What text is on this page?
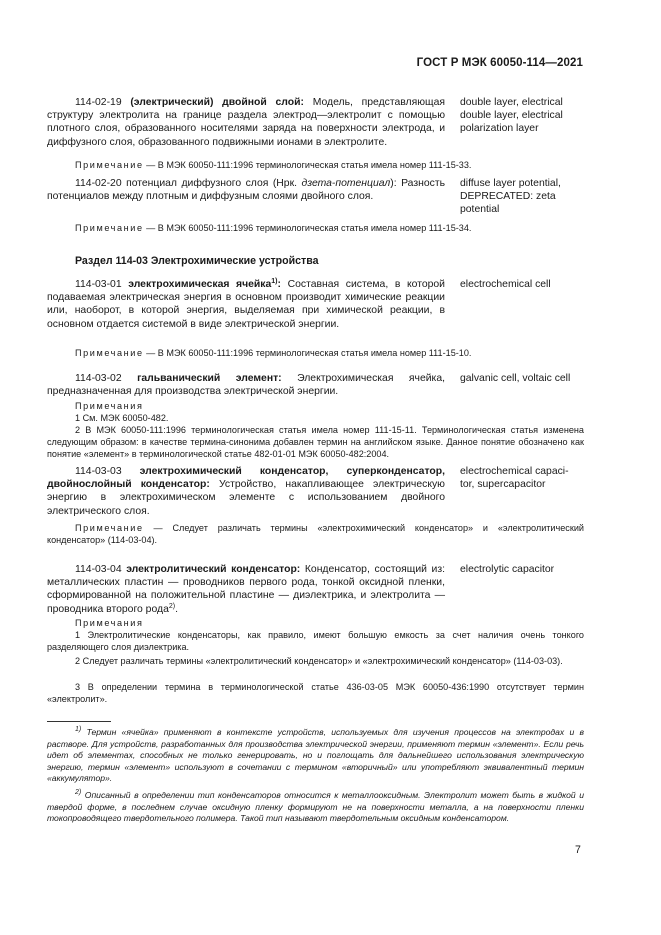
ГОСТ Р МЭК 60050-114—2021
114-02-19 (электрический) двойной слой: Модель, представляющая структуру электролита на границе раздела электрод—электролит с помощью плотного слоя, образованного носителями заряда на поверхности электрода, и диффузного слоя, образованного подвижными ионами в электролите.
double layer, electrical
double layer, electrical
polarization layer
Примечание — В МЭК 60050-111:1996 терминологическая статья имела номер 111-15-33.
114-02-20 потенциал диффузного слоя (Нрк. дзета-потенциал): Разность потенциалов между плотным и диффузным слоями двойного слоя.
diffuse layer potential,
DEPRECATED: zeta
potential
Примечание — В МЭК 60050-111:1996 терминологическая статья имела номер 111-15-34.
Раздел 114-03 Электрохимические устройства
114-03-01 электрохимическая ячейка$^{1)}$: Составная система, в которой подаваемая электрическая энергия в основном производит химические реакции или, наоборот, в которой энергия, выделяемая при химической реакции, в основном отдается системой в виде электрической энергии.
electrochemical cell
Примечание — В МЭК 60050-111:1996 терминологическая статья имела номер 111-15-10.
114-03-02 гальванический элемент: Электрохимическая ячейка, предназначенная для производства электрической энергии.
galvanic cell, voltaic cell
Примечания
1 См. МЭК 60050-482.
2 В МЭК 60050-111:1996 терминологическая статья имела номер 111-15-11. Терминологическая статья изменена следующим образом: в качестве термина-синонима добавлен термин на английском языке. Данное понятие обозначено как понятие «элемент» в терминологической статье 482-01-01 МЭК 60050-482:2004.
114-03-03 электрохимический конденсатор, суперконденсатор, двойнослойный конденсатор: Устройство, накапливающее электрическую энергию в электрохимическом элементе с использованием двойного электрического слоя.
electrochemical capaci-
tor, supercapacitor
Примечание — Следует различать термины «электрохимический конденсатор» и «электролитический конденсатор» (114-03-04).
114-03-04 электролитический конденсатор: Конденсатор, состоящий из: металлических пластин — проводников первого рода, тонкой оксидной пленки, сформированной на положительной пластине — диэлектрика, и электролита — проводника второго рода$^{2)}$.
electrolytic capacitor
Примечания
1 Электролитические конденсаторы, как правило, имеют большую емкость за счет наличия очень тонкого разделяющего слоя диэлектрика.
2 Следует различать термины «электролитический конденсатор» и «электрохимический конденсатор» (114-03-03).
3 В определении термина в терминологической статье 436-03-05 МЭК 60050-436:1990 отсутствует термин «электролит».
$^{1)}$ Термин «ячейка» применяют в контексте устройств, используемых для изучения процессов на электродах и в растворе. Для устройств, разработанных для производства электрической энергии, применяют термин «элемент». Если речь идет об элементах, способных не только генерировать, но и поглощать для дальнейшего использования электрическую энергию, термин «элемент» используют в сочетании с термином «вторичный» или употребляют эквивалентный термин «аккумулятор».
$^{2)}$ Описанный в определении тип конденсаторов относится к металлооксидным. Электролит может быть в жидкой и твердой форме, в последнем случае оксидную пленку формируют не на поверхности металла, а на поверхности пленки токопроводящего твердотельного полимера. Такой тип называют твердотельным оксидным конденсатором.
7
